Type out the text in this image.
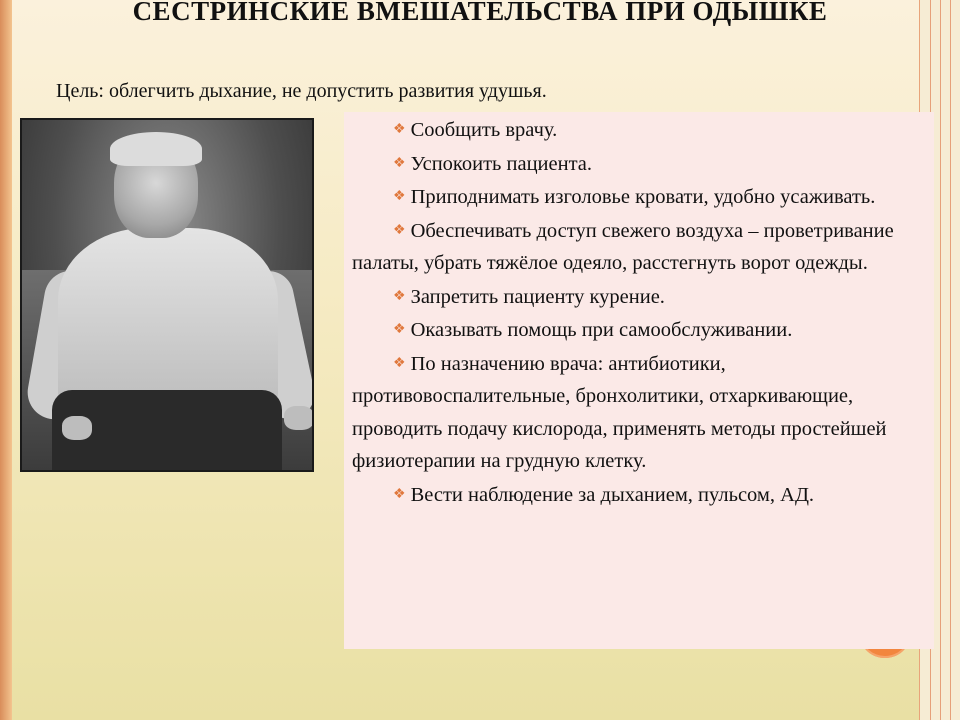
СЕСТРИНСКИЕ ВМЕШАТЕЛЬСТВА ПРИ ОДЫШКЕ
Цель: облегчить дыхание, не допустить развития удушья.
❖ Сообщить врачу.
❖ Успокоить пациента.
❖ Приподнимать изголовье кровати, удобно усаживать.
❖ Обеспечивать доступ свежего воздуха – проветривание палаты, убрать тяжёлое одеяло, расстегнуть ворот одежды.
❖ Запретить пациенту курение.
❖ Оказывать помощь при самообслуживании.
❖ По назначению врача: антибиотики, противовоспалительные, бронхолитики, отхаркивающие, проводить подачу кислорода, применять методы простейшей физиотерапии на грудную клетку.
❖ Вести наблюдение за дыханием, пульсом, АД.
